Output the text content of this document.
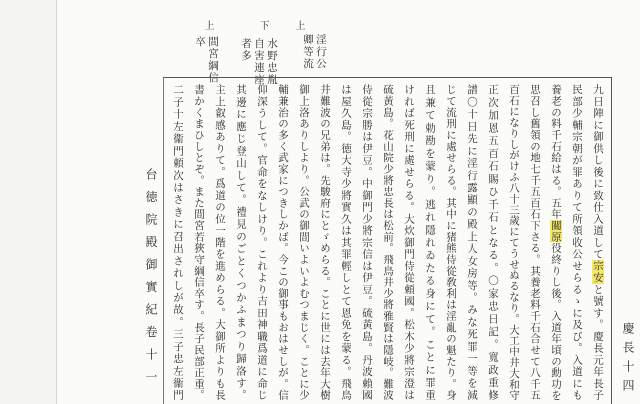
上
間宮綱信
卒
下
水野忠胤
自害連座
者多
上
淫行公
卿等流
慶長十四
台徳院殿御實紀卷十一	九日陣に御供し後に致仕入道して宗安と號す。慶長元年長子
民部少輔宗朝が罪ありて所領收公せらるゝに及び。入道にも
養老の料千石給はる。五年關原役終りし後。入道年頃の勳功を
思召し舊領の地七千五百石下さる。其養老料千石合せて八千五
百石になりしがけふ八十三歲にてうせぬるなり。大工中井大和守
正次加恩五百石賜ひ千石となる。〇家忠日記。寬政重修
譜〇十日先に淫行露顯の殿上人女房等。みな死罪一等を減
じて流刑に處せらる。其中に猪熊侍從敎利は淫亂の魁たり。身
且兼て勅勘を蒙り。逃れ隱れゐたる身にて。ことに罪重
ければ死刑に處せらる。大炊御門侍從頼國。松木少將宗澄は
硫黃島。花山院少將忠長は松前。飛鳥井少將雅賢は隱岐。難波
侍從宗勝は伊豆。中御門少將宗信は伊豆。硫黃島。丹波賴國
は屋久島。徳大寺少將實久は其罪輕しとて恩免を蒙る。飛鳥
井難波の兄弟は。先駿府にとゞめらる。ことに世には去年大樹
御上洛ありしより。公武の御間いよいよむつまじく。ことに少
輔兼治の多く武家につきしかば。今この御事もおはせしが。信
仰深うして。官命をなしけり。これより吉田神職爲道に命じ
其邊に應じ登山して。禮見のごとくつかふまつり歸洛す。
主上叡感ありて。爲道の位一階を進めらる。大御所よりも長
書かくまひしとぞ。また間宮若狹守綱信卒す。長子民部正重。
二子十左衞門頼次はさきに召出されしが故。三子忠左衞門
